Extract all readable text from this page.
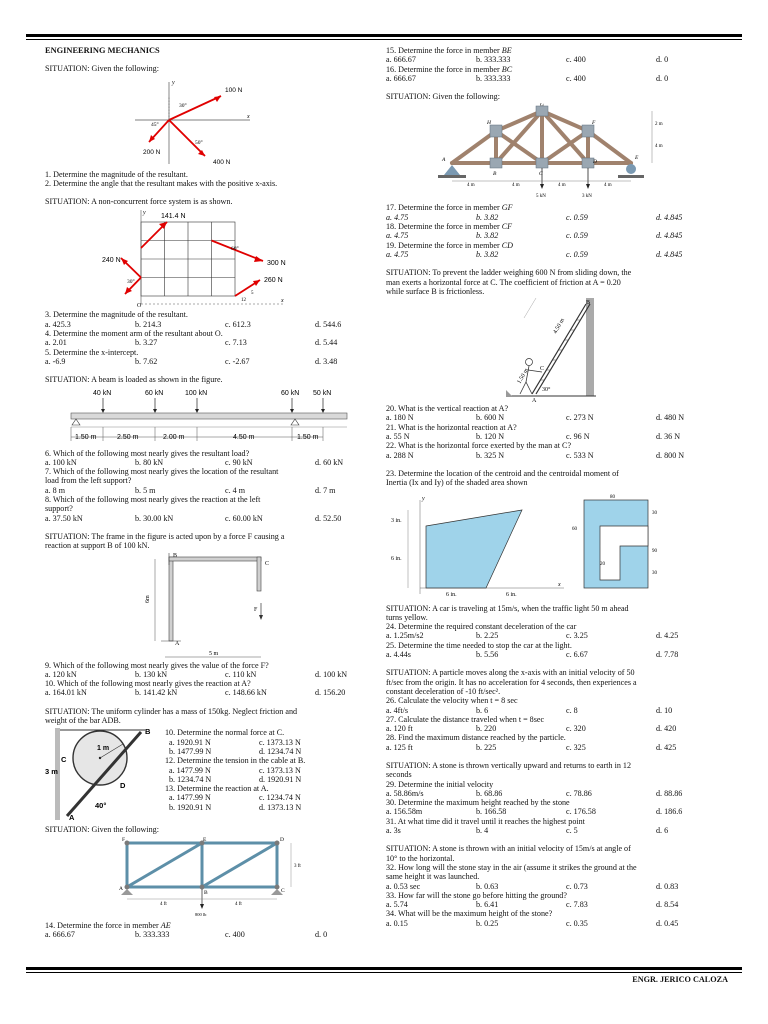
ENGINEERING MECHANICS
SITUATION: Given the following:
y
x
100 N
200 N
400 N
30°
45°
50°
1. Determine the magnitude of the resultant.
2. Determine the angle that the resultant makes with the positive x-axis.
SITUATION: A non-concurrent force system is as shown.
y
x
O
141.4 N
240 N	300 N
260 N
30°
60°
5
12
3. Determine the magnitude of the resultant.
a. 425.3	b. 214.3	c. 612.3	d. 544.6
4. Determine the moment arm of the resultant about O.
a. 2.01	b. 3.27	c. 7.13	d. 5.44
5. Determine the x-intercept.
a. -6.9	b. 7.62	c. -2.67	d. 3.48
SITUATION: A beam is loaded as shown in the figure.
40 kN	60 kN	100 kN	60 kN 50 kN
1.50 m	2.50 m	2.00 m	4.50 m	1.50 m
6. Which of the following most nearly gives the resultant load?
a. 100 kN	b. 80 kN	c. 90 kN	d. 60 kN
7. Which of the following most nearly gives the location of the resultant
load from the left support?
a. 8 m	b. 5 m	c. 4 m	d. 7 m
8. Which of the following most nearly gives the reaction at the left
support?
a. 37.50 kN	b. 30.00 kN	c. 60.00 kN	d. 52.50
SITUATION: The frame in the figure is acted upon by a force F causing a
reaction at support B of 100 kN.
B
C
A
F
6m
5 m
9. Which of the following most nearly gives the value of the force F?
a. 120 kN	b. 130 kN	c. 110 kN	d. 100 kN
10. Which of the following most nearly gives the reaction at A?
a. 164.01 kN	b. 141.42 kN	c. 148.66 kN	d. 156.20
SITUATION: The uniform cylinder has a mass of 150kg. Neglect friction and
weight of the bar ADB.
1 m
B
C
D
A
3 m
40°
10. Determine the normal force at C.
a. 1920.91 N	c. 1373.13 N
b. 1477.99 N	d. 1234.74 N
12. Determine the tension in the cable at B.
a. 1477.99 N	c. 1373.13 N
b. 1234.74 N	d. 1920.91 N
13. Determine the reaction at A.
a. 1477.99 N	c. 1234.74 N
b. 1920.91 N	d. 1373.13 N
SITUATION: Given the following:
F	E	D
A
B	C
4 ft	4 ft
3 ft
800 lb
14. Determine the force in member AE
a. 666.67	b. 333.333	c. 400	d. 0
15. Determine the force in member BE
a. 666.67	b. 333.333	c. 400	d. 0
16. Determine the force in member BC
a. 666.67	b. 333.333	c. 400	d. 0
SITUATION: Given the following:
G
H	F
A
B	C
D
E
4 m	4 m	4 m	4 m
2 m
4 m
5 kN	3 kN
17. Determine the force in member GF
a. 4.75	b. 3.82	c. 0.59	d. 4.845
18. Determine the force in member CF
a. 4.75	b. 3.82	c. 0.59	d. 4.845
19. Determine the force in member CD
a. 4.75	b. 3.82	c. 0.59	d. 4.845
SITUATION: To prevent the ladder weighing 600 N from sliding down, the
man exerts a horizontal force at C. The coefficient of friction at A = 0.20
while surface B is frictionless.
B
C
A
4.50 m
1.50 m
30°
20. What is the vertical reaction at A?
a. 180 N	b. 600 N	c. 273 N	d. 480 N
21. What is the horizontal reaction at A?
a. 55 N	b. 120 N	c. 96 N	d. 36 N
22. What is the horizontal force exerted by the man at C?
a. 288 N	b. 325 N	c. 533 N	d. 800 N
23. Determine the location of the centroid and the centroidal moment of
Inertia (Ix and Iy) of the shaded area shown
3 in.
6 in.
6 in.	6 in.
y
x
80
30
60
90
20
30
SITUATION: A car is traveling at 15m/s, when the traffic light 50 m ahead
turns yellow.
24. Determine the required constant deceleration of the car
a. 1.25m/s2	b. 2.25	c. 3.25	d. 4.25
25. Determine the time needed to stop the car at the light.
a. 4.44s	b. 5.56	c. 6.67	d. 7.78
SITUATION: A particle moves along the x-axis with an initial velocity of 50
ft/sec from the origin. It has no acceleration for 4 seconds, then experiences a
constant deceleration of -10 ft/sec².
26. Calculate the velocity when t = 8 sec
a. 4ft/s	b. 6	c. 8	d. 10
27. Calculate the distance traveled when t = 8sec
a. 120 ft	b. 220	c. 320	d. 420
28. Find the maximum distance reached by the particle.
a. 125 ft	b. 225	c. 325	d. 425
SITUATION: A stone is thrown vertically upward and returns to earth in 12
seconds
29. Determine the initial velocity
a. 58.86m/s	b. 68.86	c. 78.86	d. 88.86
30. Determine the maximum height reached by the stone
a. 156.58m	b. 166.58	c. 176.58	d. 186.6
31. At what time did it travel until it reaches the highest point
a. 3s	b. 4	c. 5	d. 6
SITUATION: A stone is thrown with an initial velocity of 15m/s at angle of
10° to the horizontal.
32. How long will the stone stay in the air (assume it strikes the ground at the
same height it was launched.
a. 0.53 sec	b. 0.63	c. 0.73	d. 0.83
33. How far will the stone go before hitting the ground?
a. 5.74	b. 6.41	c. 7.83	d. 8.54
34. What will be the maximum height of the stone?
a. 0.15	b. 0.25	c. 0.35	d. 0.45
ENGR. JERICO CALOZA
